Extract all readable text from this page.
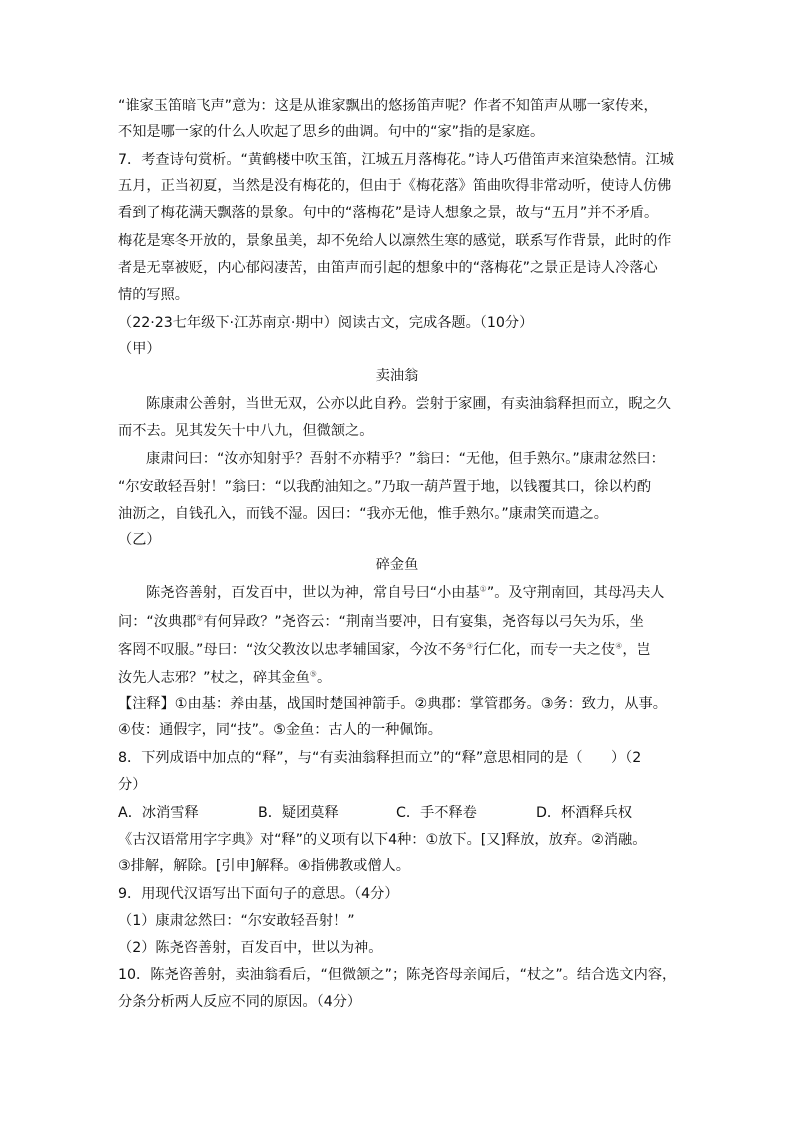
“谁家玉笛暗飞声”意为：这是从谁家飘出的悠扬笛声呢？作者不知笛声从哪一家传来，
不知是哪一家的什么人吹起了思乡的曲调。句中的“家”指的是家庭。
7．考查诗句赏析。“黄鹤楼中吹玉笛，江城五月落梅花。”诗人巧借笛声来渲染愁情。江城
五月，正当初夏，当然是没有梅花的，但由于《梅花落》笛曲吹得非常动听，使诗人仿佛
看到了梅花满天飘落的景象。句中的“落梅花”是诗人想象之景，故与“五月”并不矛盾。
梅花是寒冬开放的，景象虽美，却不免给人以凛然生寒的感觉，联系写作背景，此时的作
者是无辜被贬，内心郁闷凄苦，由笛声而引起的想象中的“落梅花”之景正是诗人冷落心
情的写照。
（22·23七年级下·江苏南京·期中）阅读古文，完成各题。（10分）
（甲）
卖油翁
陈康肃公善射，当世无双，公亦以此自矜。尝射于家圃，有卖油翁释担而立，睨之久
而不去。见其发矢十中八九，但微颔之。
康肃问曰：“汝亦知射乎？吾射不亦精乎？”翁曰：“无他，但手熟尔。”康肃忿然曰：
“尔安敢轻吾射！”翁曰：“以我酌油知之。”乃取一葫芦置于地，以钱覆其口，徐以杓酌
油沥之，自钱孔入，而钱不湿。因曰：“我亦无他，惟手熟尔。”康肃笑而遣之。
（乙）
碎金鱼
陈尧咨善射，百发百中，世以为神，常自号曰“小由基①”。及守荆南回，其母冯夫人
问：“汝典郡②有何异政？”尧咨云：“荆南当要冲，日有宴集，尧咨每以弓矢为乐，坐
客罔不叹服。”母曰：“汝父教汝以忠孝辅国家，今汝不务③行仁化，而专一夫之伎④，岂
汝先人志邪？”杖之，碎其金鱼⑤。
【注释】①由基：养由基，战国时楚国神箭手。②典郡：掌管郡务。③务：致力，从事。
④伎：通假字，同“技”。⑤金鱼：古人的一种佩饰。
8．下列成语中加点的“释”，与“有卖油翁释担而立”的“释”意思相同的是（　　）（2
分）
A．冰消雪释	B．疑团莫释	C．手不释卷	D．杯酒释兵权
《古汉语常用字字典》对“释”的义项有以下4种：①放下。[又]释放，放弃。②消融。
③排解，解除。[引申]解释。④指佛教或僧人。
9．用现代汉语写出下面句子的意思。（4分）
（1）康肃忿然曰：“尔安敢轻吾射！”
（2）陈尧咨善射，百发百中，世以为神。
10．陈尧咨善射，卖油翁看后，“但微颔之”；陈尧咨母亲闻后，“杖之”。结合选文内容，
分条分析两人反应不同的原因。（4分）
